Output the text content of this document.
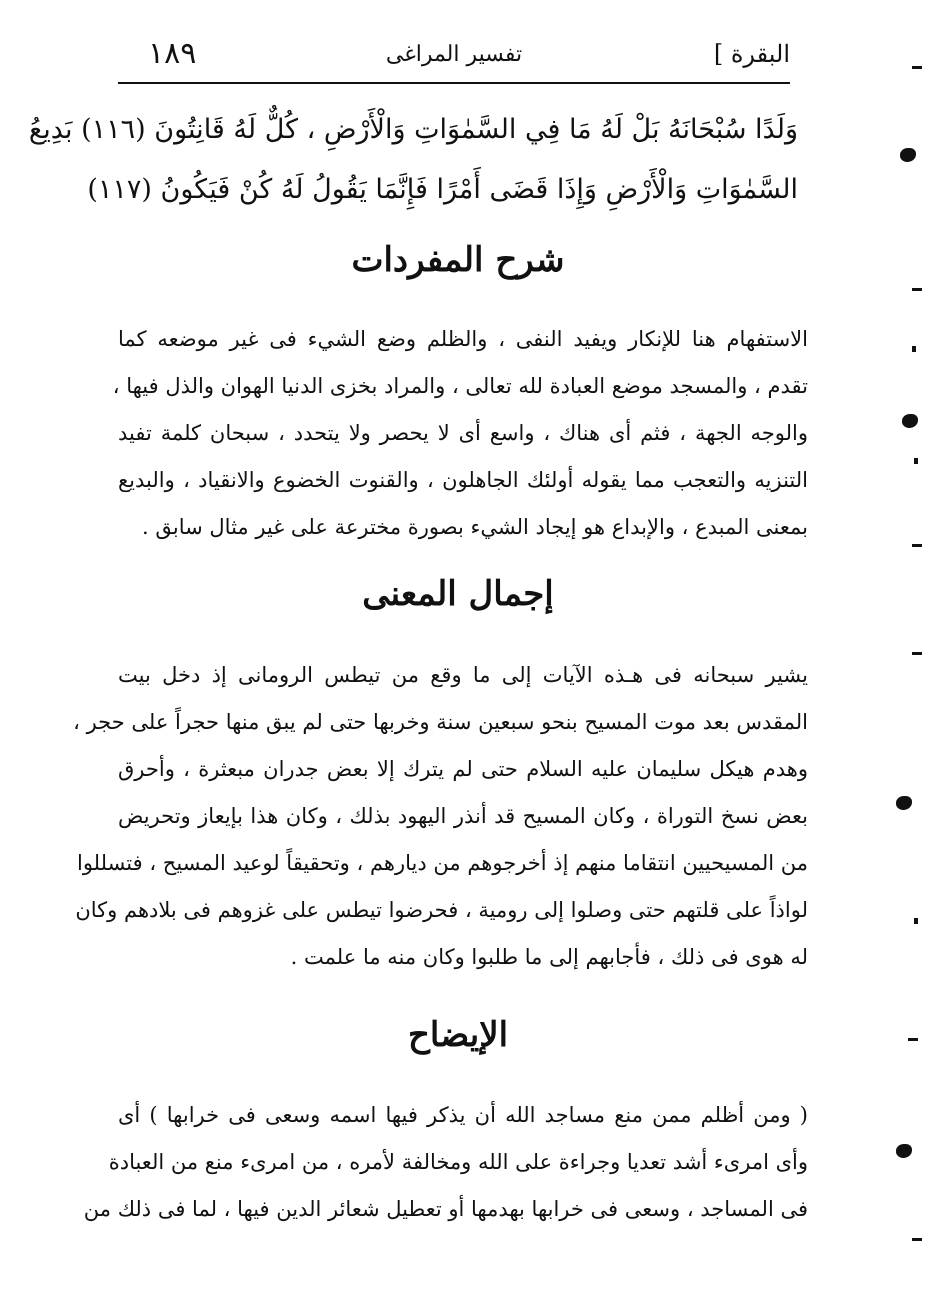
البقرة ]
تفسير المراغى
١٨٩
وَلَدًا سُبْحَانَهُ بَلْ لَهُ مَا فِي السَّمٰوَاتِ وَالْأَرْضِ ، كُلٌّ لَهُ قَانِتُونَ (١١٦) بَدِيعُ
السَّمٰوَاتِ وَالْأَرْضِ وَإِذَا قَضَى أَمْرًا فَإِنَّمَا يَقُولُ لَهُ كُنْ فَيَكُونُ (١١٧)
شرح المفردات
الاستفهام هنا للإنكار ويفيد النفى ، والظلم وضع الشيء فى غير موضعه كما
تقدم ، والمسجد موضع العبادة لله تعالى ، والمراد بخزى الدنيا الهوان والذل فيها ،
والوجه الجهة ، فثم أى هناك ، واسع أى لا يحصر ولا يتحدد ، سبحان كلمة تفيد
التنزيه والتعجب مما يقوله أولئك الجاهلون ، والقنوت الخضوع والانقياد ، والبديع
بمعنى المبدع ، والإبداع هو إيجاد الشيء بصورة مخترعة على غير مثال سابق .
إجمال المعنى
يشير سبحانه فى هـذه الآيات إلى ما وقع من تيطس الرومانى إذ دخل بيت
المقدس بعد موت المسيح بنحو سبعين سنة وخربها حتى لم يبق منها حجراً على حجر ،
وهدم هيكل سليمان عليه السلام حتى لم يترك إلا بعض جدران مبعثرة ، وأحرق
بعض نسخ التوراة ، وكان المسيح قد أنذر اليهود بذلك ، وكان هذا بإيعاز وتحريض
من المسيحيين انتقاما منهم إذ أخرجوهم من ديارهم ، وتحقيقاً لوعيد المسيح ، فتسللوا
لواذاً على قلتهم حتى وصلوا إلى رومية ، فحرضوا تيطس على غزوهم فى بلادهم وكان
له هوى فى ذلك ، فأجابهم إلى ما طلبوا وكان منه ما علمت .
الإيضاح
( ومن أظلم ممن منع مساجد الله أن يذكر فيها اسمه وسعى فى خرابها ) أى
وأى امرىء أشد تعديا وجراءة على الله ومخالفة لأمره ، من امرىء منع من العبادة
فى المساجد ، وسعى فى خرابها بهدمها أو تعطيل شعائر الدين فيها ، لما فى ذلك من
